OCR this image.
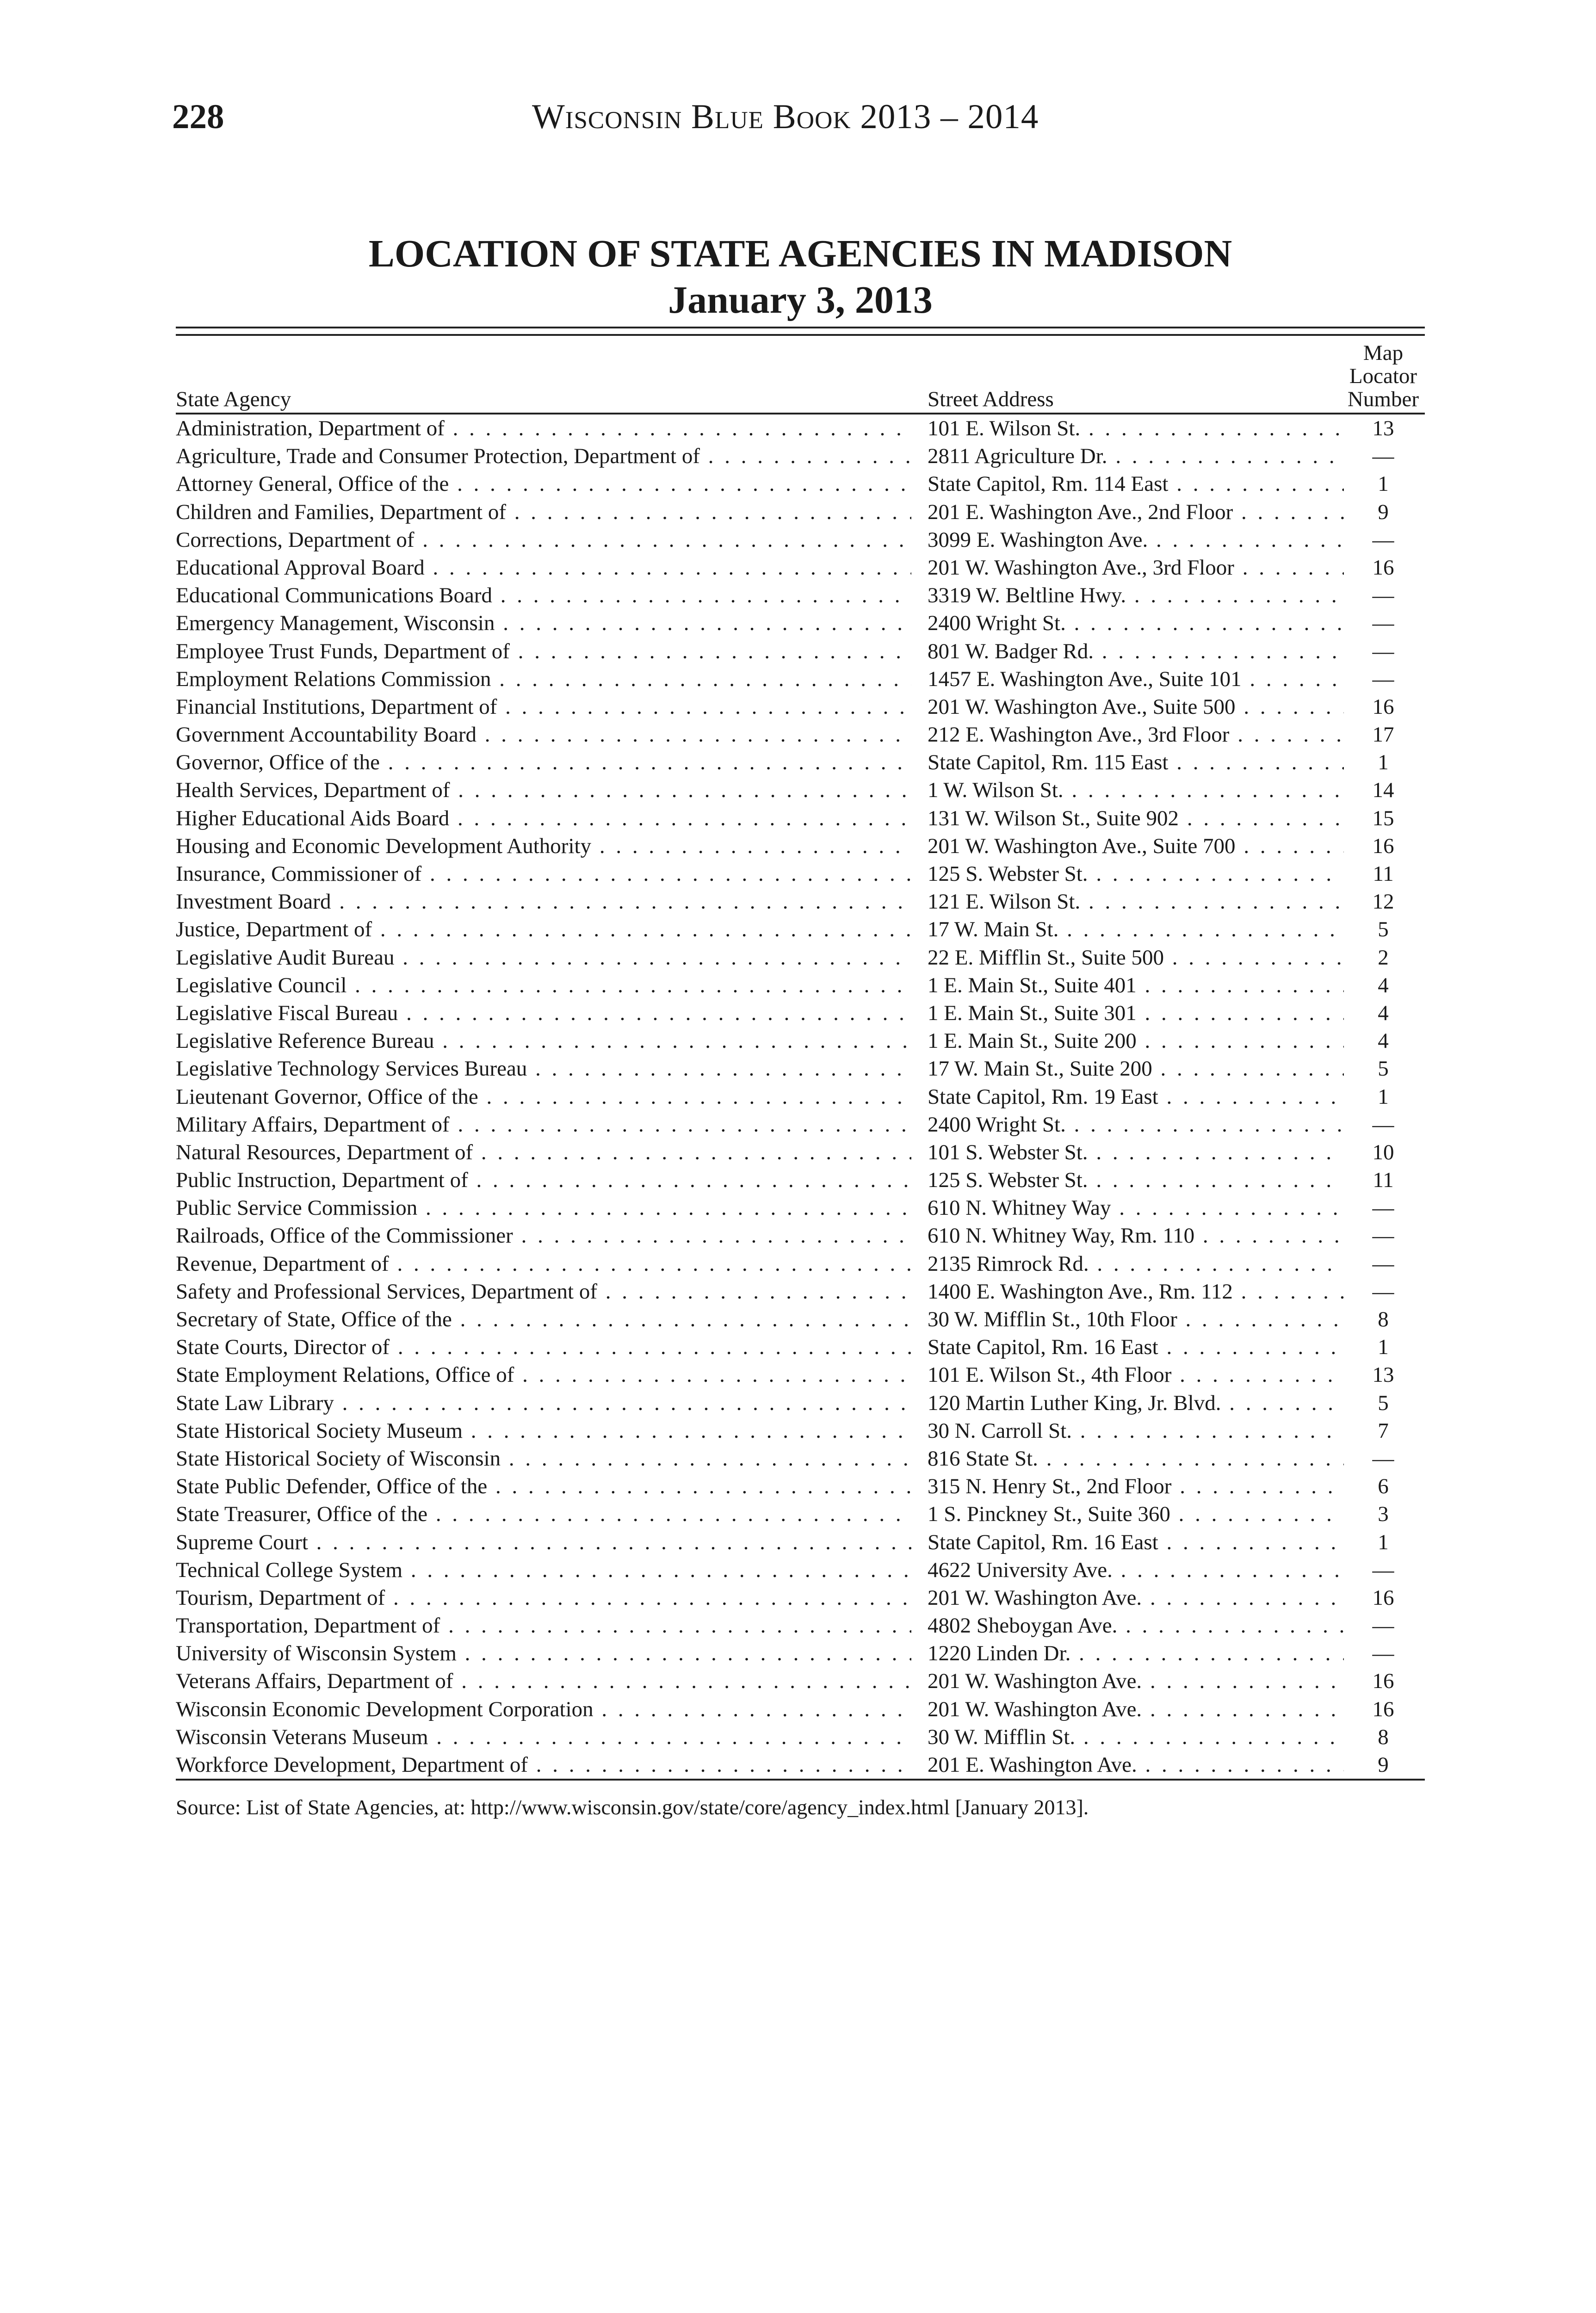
228	Wisconsin Blue Book 2013 – 2014
LOCATION OF STATE AGENCIES IN MADISON
January 3, 2013
State Agency	Street Address
Map
Locator
Number
Administration, Department of . . .	101 E. Wilson St. . . .	13
Agriculture, Trade and Consumer Protection, Department of . . .	2811 Agriculture Dr. . . .	—
Attorney General, Office of the . . .	State Capitol, Rm. 114 East . . .	1
Children and Families, Department of . . .	201 E. Washington Ave., 2nd Floor . . .	9
Corrections, Department of . . .	3099 E. Washington Ave. . . .	—
Educational Approval Board . . .	201 W. Washington Ave., 3rd Floor . . .	16
Educational Communications Board . . .	3319 W. Beltline Hwy. . . .	—
Emergency Management, Wisconsin . . .	2400 Wright St. . . .	—
Employee Trust Funds, Department of . . .	801 W. Badger Rd. . . .	—
Employment Relations Commission . . .	1457 E. Washington Ave., Suite 101 . . .	—
Financial Institutions, Department of . . .	201 W. Washington Ave., Suite 500 . . .	16
Government Accountability Board . . .	212 E. Washington Ave., 3rd Floor . . .	17
Governor, Office of the . . .	State Capitol, Rm. 115 East . . .	1
Health Services, Department of . . .	1 W. Wilson St. . . .	14
Higher Educational Aids Board . . .	131 W. Wilson St., Suite 902 . . .	15
Housing and Economic Development Authority . . .	201 W. Washington Ave., Suite 700 . . .	16
Insurance, Commissioner of . . .	125 S. Webster St. . . .	11
Investment Board . . .	121 E. Wilson St. . . .	12
Justice, Department of . . .	17 W. Main St. . . .	5
Legislative Audit Bureau . . .	22 E. Mifflin St., Suite 500 . . .	2
Legislative Council . . .	1 E. Main St., Suite 401 . . .	4
Legislative Fiscal Bureau . . .	1 E. Main St., Suite 301 . . .	4
Legislative Reference Bureau . . .	1 E. Main St., Suite 200 . . .	4
Legislative Technology Services Bureau . . .	17 W. Main St., Suite 200 . . .	5
Lieutenant Governor, Office of the . . .	State Capitol, Rm. 19 East . . .	1
Military Affairs, Department of . . .	2400 Wright St. . . .	—
Natural Resources, Department of . . .	101 S. Webster St. . . .	10
Public Instruction, Department of . . .	125 S. Webster St. . . .	11
Public Service Commission . . .	610 N. Whitney Way . . .	—
Railroads, Office of the Commissioner . . .	610 N. Whitney Way, Rm. 110 . . .	—
Revenue, Department of . . .	2135 Rimrock Rd. . . .	—
Safety and Professional Services, Department of . . .	1400 E. Washington Ave., Rm. 112 . . .	—
Secretary of State, Office of the . . .	30 W. Mifflin St., 10th Floor . . .	8
State Courts, Director of . . .	State Capitol, Rm. 16 East . . .	1
State Employment Relations, Office of . . .	101 E. Wilson St., 4th Floor . . .	13
State Law Library . . .	120 Martin Luther King, Jr. Blvd. . . .	5
State Historical Society Museum . . .	30 N. Carroll St. . . .	7
State Historical Society of Wisconsin . . .	816 State St. . . .	—
State Public Defender, Office of the . . .	315 N. Henry St., 2nd Floor . . .	6
State Treasurer, Office of the . . .	1 S. Pinckney St., Suite 360 . . .	3
Supreme Court . . .	State Capitol, Rm. 16 East . . .	1
Technical College System . . .	4622 University Ave. . . .	—
Tourism, Department of . . .	201 W. Washington Ave. . . .	16
Transportation, Department of . . .	4802 Sheboygan Ave. . . .	—
University of Wisconsin System . . .	1220 Linden Dr. . . .	—
Veterans Affairs, Department of . . .	201 W. Washington Ave. . . .	16
Wisconsin Economic Development Corporation . . .	201 W. Washington Ave. . . .	16
Wisconsin Veterans Museum . . .	30 W. Mifflin St. . . .	8
Workforce Development, Department of . . .	201 E. Washington Ave. . . .	9
Source: List of State Agencies, at: http://www.wisconsin.gov/state/core/agency_index.html [January 2013].
